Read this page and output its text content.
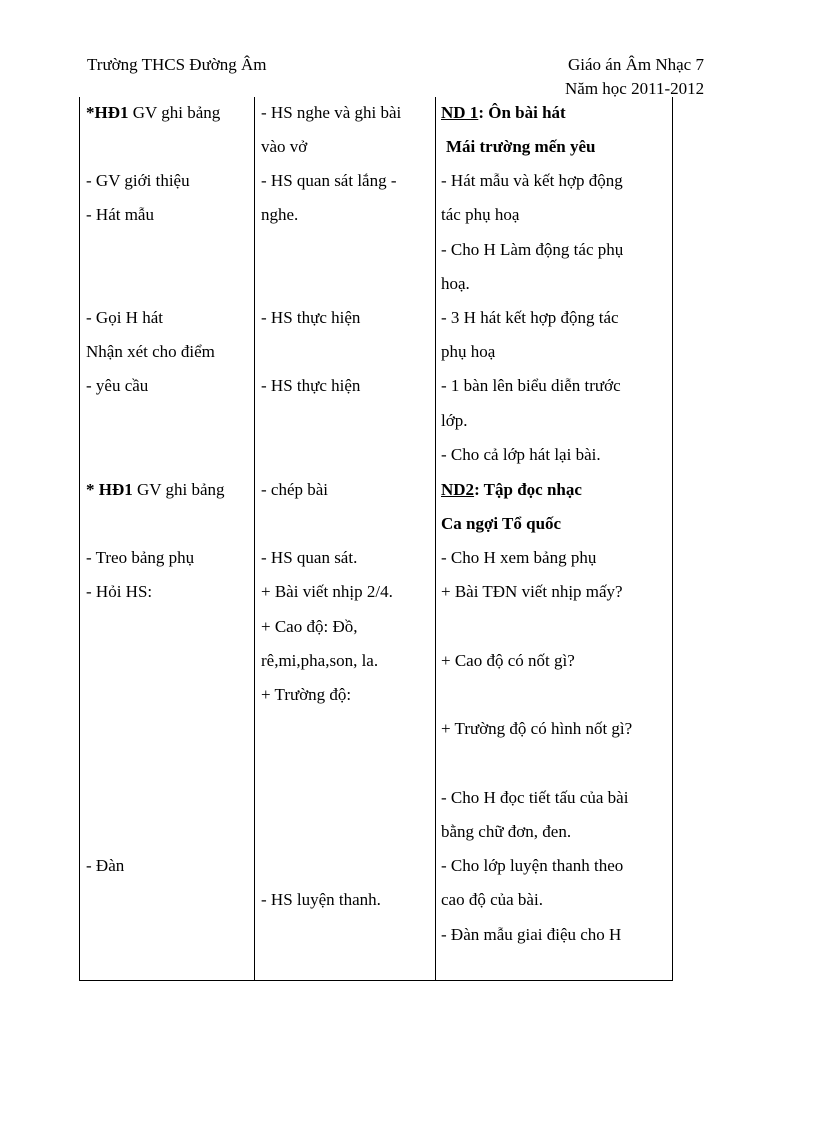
Trường THCS Đường Âm	Giáo án Âm Nhạc 7
Năm học 2011-2012
*HĐ1 GV ghi bảng
- GV giới thiệu
- Hát mẫu
- Gọi H hát
Nhận xét cho điểm
- yêu cầu
* HĐ1 GV ghi bảng
- Treo bảng phụ
- Hỏi HS:
- Đàn
- HS nghe và ghi bài
vào vở
- HS quan sát lắng -
nghe.
- HS thực hiện
- HS thực hiện
- chép bài
- HS quan sát.
+ Bài viết nhịp 2/4.
+ Cao độ: Đồ,
rê,mi,pha,son, la.
+ Trường độ:
- HS luyện thanh.
ND 1: Ôn bài hát
Mái trường mến yêu
- Hát mẫu và kết hợp động
tác phụ hoạ
- Cho H Làm động tác phụ
hoạ.
- 3 H hát kết hợp động tác
phụ hoạ
- 1 bàn lên biểu diễn trước
lớp.
- Cho cả lớp hát lại bài.
ND2: Tập đọc nhạc
Ca ngợi Tổ quốc
- Cho H xem bảng phụ
+ Bài TĐN viết nhịp mấy?
+ Cao độ có nốt gì?
+ Trường độ có hình nốt gì?
- Cho H đọc tiết tấu của bài
bằng chữ đơn, đen.
- Cho lớp luyện thanh theo
cao độ của bài.
- Đàn mẫu giai điệu cho H
